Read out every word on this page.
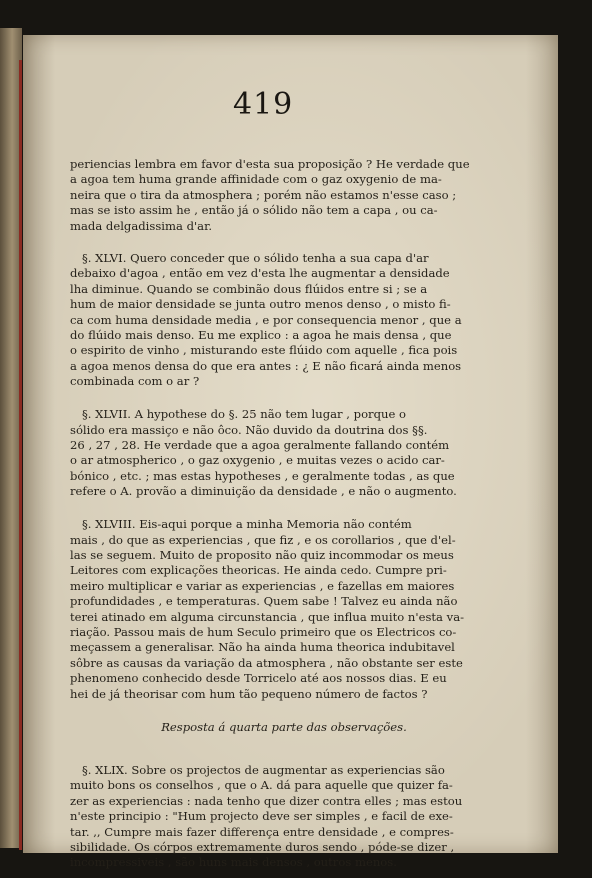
419

periencias lembra em favor d'esta sua proposição ? He verdade que
a agoa tem huma grande affinidade com o gaz oxygenio de ma-
neira que o tira da atmosphera ; porém não estamos n'esse caso ;
mas se isto assim he , então já o sólido não tem a capa , ou ca-
mada delgadissima d'ar.

§. XLVI. Quero conceder que o sólido tenha a sua capa d'ar
debaixo d'agoa , então em vez d'esta lhe augmentar a densidade
lha diminue. Quando se combinão dous flúidos entre si ; se a
hum de maior densidade se junta outro menos denso , o misto fi-
ca com huma densidade media , e por consequencia menor , que a
do flúido mais denso. Eu me explico : a agoa he mais densa , que
o espirito de vinho , misturando este flúido com aquelle , fica pois
a agoa menos densa do que era antes : ¿ E não ficará ainda menos
combinada com o ar ?

§. XLVII. A hypothese do §. 25 não tem lugar , porque o
sólido era massiço e não ôco. Não duvido da doutrina dos §§.
26 , 27 , 28. He verdade que a agoa geralmente fallando contém
o ar atmospherico , o gaz oxygenio , e muitas vezes o acido car-
bónico , etc. ; mas estas hypotheses , e geralmente todas , as que
refere o A. provão a diminuição da densidade , e não o augmento.

§. XLVIII. Eis-aqui porque a minha Memoria não contém
mais , do que as experiencias , que fiz , e os corollarios , que d'el-
las se seguem. Muito de proposito não quiz incommodar os meus
Leitores com explicações theoricas. He ainda cedo. Cumpre pri-
meiro multiplicar e variar as experiencias , e fazellas em maiores
profundidades , e temperaturas. Quem sabe ! Talvez eu ainda não
terei atinado em alguma circunstancia , que influa muito n'esta va-
riação. Passou mais de hum Seculo primeiro que os Electricos co-
meçassem a generalisar. Não ha ainda huma theorica indubitavel
sôbre as causas da variação da atmosphera , não obstante ser este
phenomeno conhecido desde Torricelo até aos nossos dias. E eu
hei de já theorisar com hum tão pequeno número de factos ?

Resposta á quarta parte das observações.

§. XLIX. Sobre os projectos de augmentar as experiencias são
muito bons os conselhos , que o A. dá para aquelle que quizer fa-
zer as experiencias : nada tenho que dizer contra elles ; mas estou
n'este principio : "Hum projecto deve ser simples , e facil de exe-
tar. ,, Cumpre mais fazer differença entre densidade , e compres-
sibilidade. Os córpos extremamente duros sendo , póde-se dizer ,
incompressiveis , são huns mais densos , outros menos.
